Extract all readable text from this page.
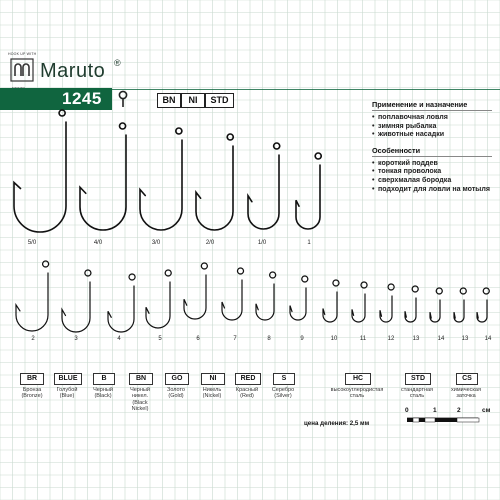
HOOK UP WITH
Maruto ®
1245	BN	NI	STD	Применение и назначение
• поплавочная ловля
• зимняя рыбалка
• животные насадки
Особенности
• короткий поддев
• тонкая проволока
• сверхмалая бородка
• подходит для ловли на мотыля
5/0	4/0	3/0	2/0	1/0	1
2	3	4	5	6	7	8	9	10	11	12	13	14	13	14
BR
Бронза
(Bronze)
BLUE
Голубой
(Blue)
B
Черный
(Black)
BN
Черный
никел.
(Black
Nickel)
GO
Золото
(Gold)
NI
Никель
(Nickel)
RED
Красный
(Red)
S
Серебро
(Silver)
HC
высокоуглеродистая
сталь
STD
стандартная
сталь
CS
химическая
заточка
0	1	2	см
цена деления: 2,5 мм
